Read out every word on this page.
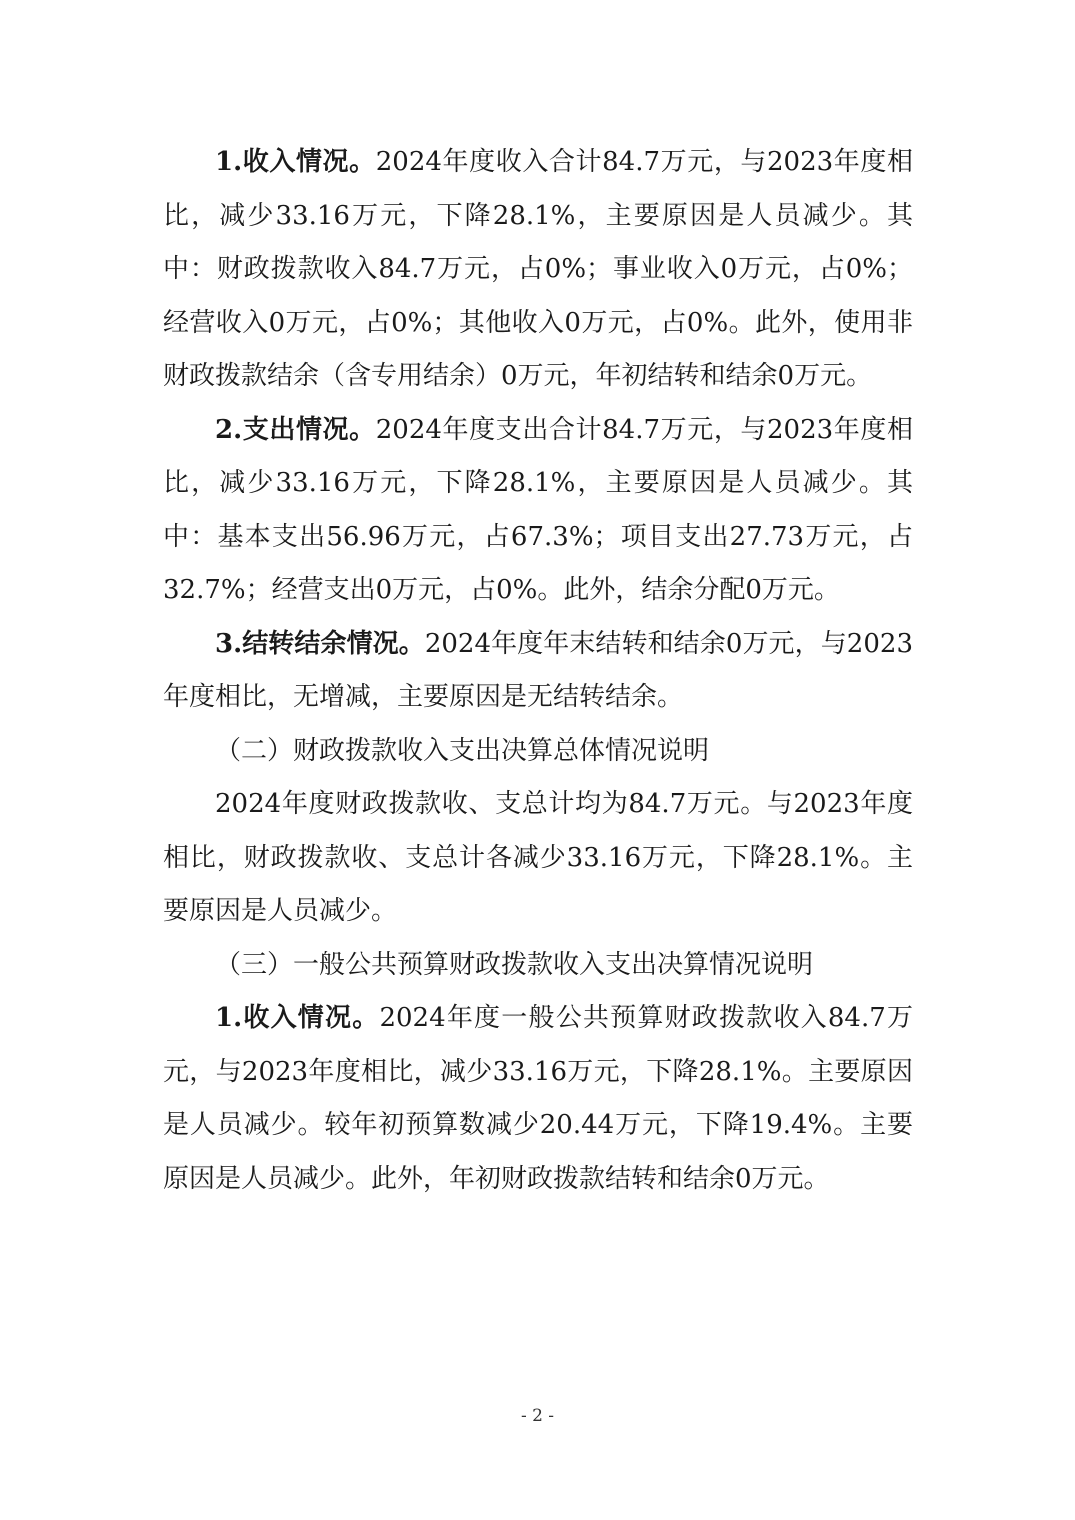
1.收入情况。2024年度收入合计84.7万元，与2023年度相比，减少33.16万元，下降28.1%，主要原因是人员减少。其中：财政拨款收入84.7万元，占0%；事业收入0万元，占0%；经营收入0万元，占0%；其他收入0万元，占0%。此外，使用非财政拨款结余（含专用结余）0万元，年初结转和结余0万元。

2.支出情况。2024年度支出合计84.7万元，与2023年度相比，减少33.16万元，下降28.1%，主要原因是人员减少。其中：基本支出56.96万元，占67.3%；项目支出27.73万元，占32.7%；经营支出0万元，占0%。此外，结余分配0万元。

3.结转结余情况。2024年度年末结转和结余0万元，与2023年度相比，无增减，主要原因是无结转结余。

（二）财政拨款收入支出决算总体情况说明

2024年度财政拨款收、支总计均为84.7万元。与2023年度相比，财政拨款收、支总计各减少33.16万元，下降28.1%。主要原因是人员减少。

（三）一般公共预算财政拨款收入支出决算情况说明

1.收入情况。2024年度一般公共预算财政拨款收入84.7万元，与2023年度相比，减少33.16万元，下降28.1%。主要原因是人员减少。较年初预算数减少20.44万元，下降19.4%。主要原因是人员减少。此外，年初财政拨款结转和结余0万元。

- 2 -
